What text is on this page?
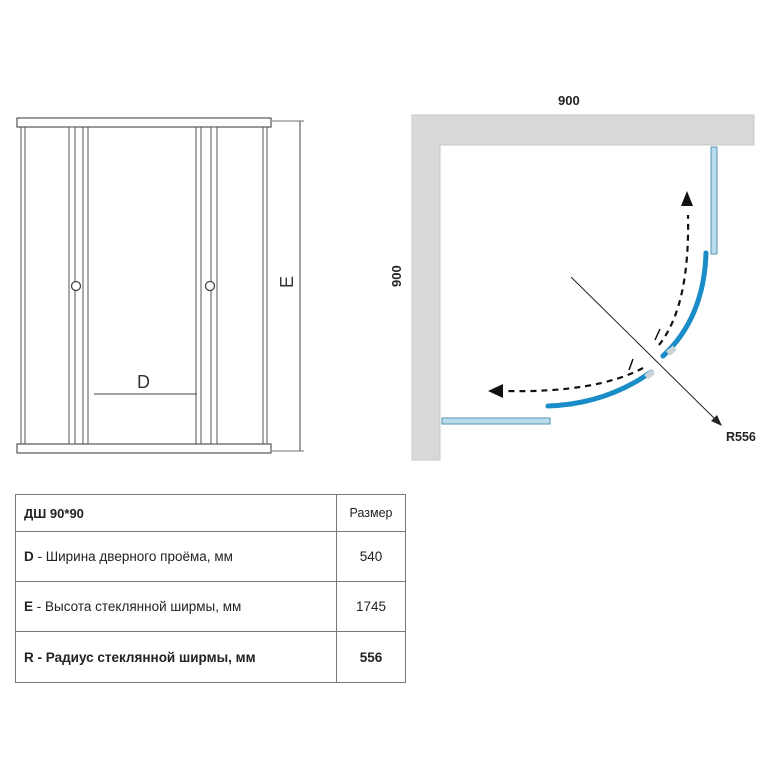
D
E
900
900
R556
ДШ 90*90	Размер
D - Ширина дверного проёма, мм	540
E - Высота стеклянной ширмы, мм	1745
R - Радиус стеклянной ширмы, мм	556
